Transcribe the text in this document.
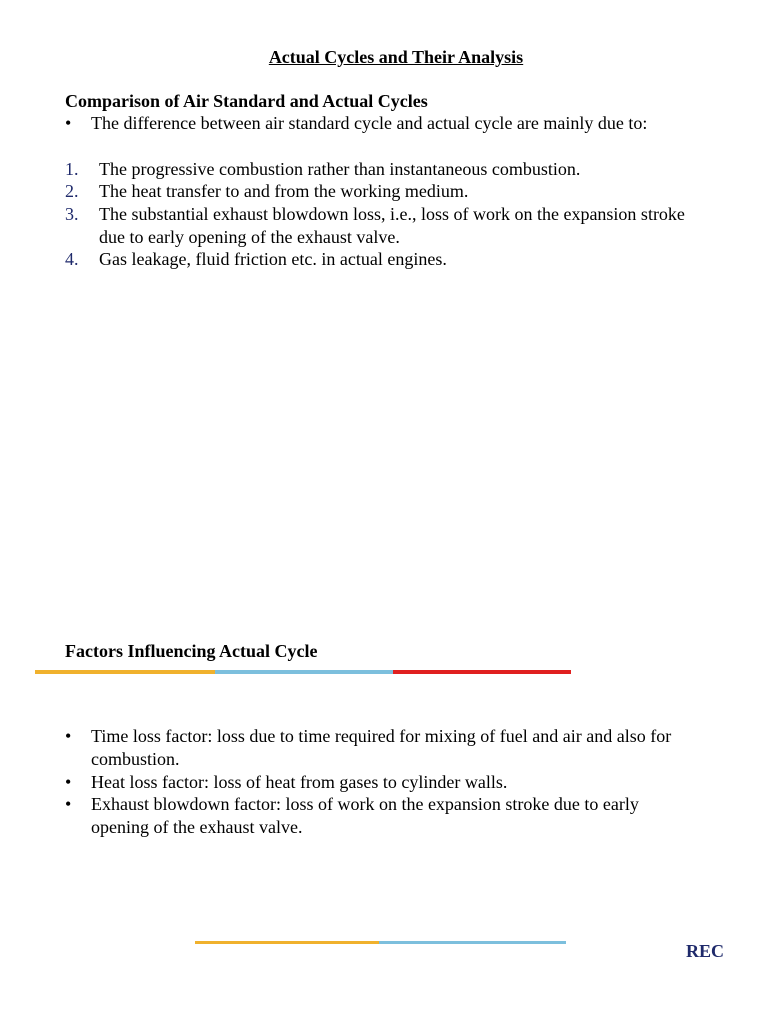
Actual Cycles and Their Analysis
Comparison of Air Standard and Actual Cycles
• The difference between air standard cycle and actual cycle are mainly due to:
1. The progressive combustion rather than instantaneous combustion.
2. The heat transfer to and from the working medium.
3. The substantial exhaust blowdown loss, i.e., loss of work on the expansion stroke due to early opening of the exhaust valve.
4. Gas leakage, fluid friction etc. in actual engines.
Factors Influencing Actual Cycle
• Time loss factor: loss due to time required for mixing of fuel and air and also for combustion.
• Heat loss factor: loss of heat from gases to cylinder walls.
• Exhaust blowdown factor: loss of work on the expansion stroke due to early opening of the exhaust valve.
REC
